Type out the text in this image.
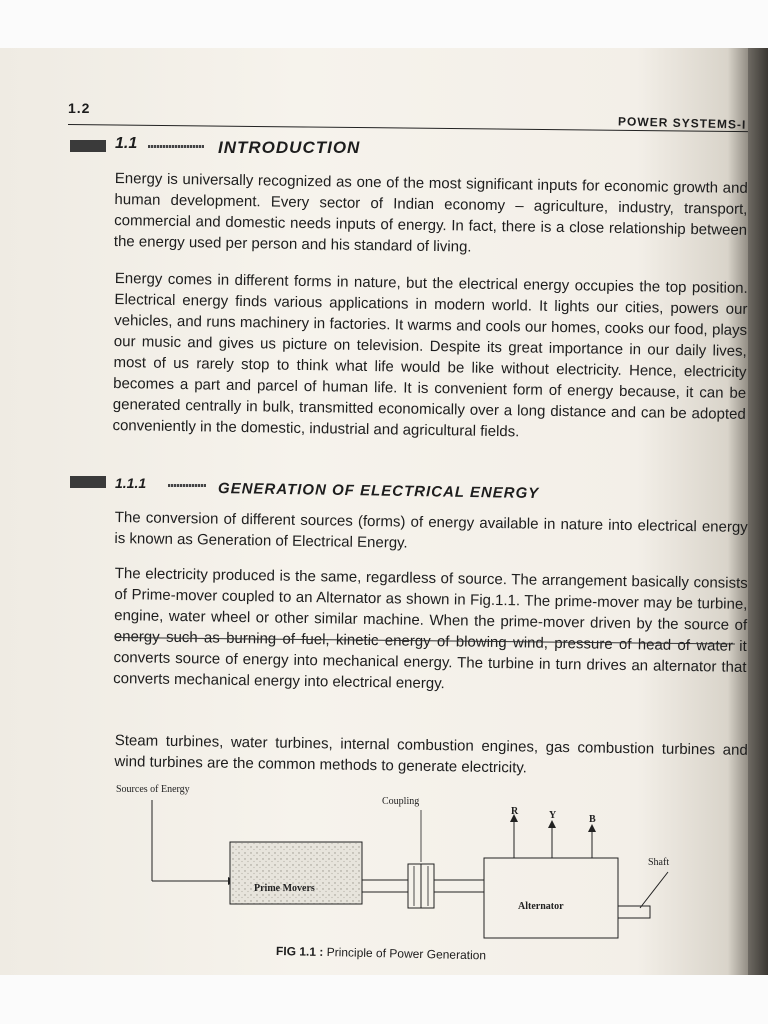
1.2
POWER SYSTEMS-I
1.1	INTRODUCTION

Energy is universally recognized as one of the most significant inputs for economic growth and human development. Every sector of Indian economy – agriculture, industry, transport, commercial and domestic needs inputs of energy. In fact, there is a close relationship between the energy used per person and his standard of living.

Energy comes in different forms in nature, but the electrical energy occupies the top position. Electrical energy finds various applications in modern world. It lights our cities, powers our vehicles, and runs machinery in factories. It warms and cools our homes, cooks our food, plays our music and gives us picture on television. Despite its great importance in our daily lives, most of us rarely stop to think what life would be like without electricity. Hence, electricity becomes a part and parcel of human life. It is convenient form of energy because, it can be generated centrally in bulk, transmitted economically over a long distance and can be adopted conveniently in the domestic, industrial and agricultural fields.

1.1.1	GENERATION OF ELECTRICAL ENERGY

The conversion of different sources (forms) of energy available in nature into electrical energy is known as Generation of Electrical Energy.

The electricity produced is the same, regardless of source. The arrangement basically consists of Prime-mover coupled to an Alternator as shown in Fig.1.1. The prime-mover may be turbine, engine, water wheel or other similar machine. When the prime-mover driven by the source of energy such as burning of fuel, kinetic energy of blowing wind, pressure of head of water it converts source of energy into mechanical energy. The turbine in turn drives an alternator that converts mechanical energy into electrical energy.

Steam turbines, water turbines, internal combustion engines, gas combustion turbines and wind turbines are the common methods to generate electricity.

Sources of Energy
Coupling
Prime Movers
Alternator
Shaft
R	Y	B
FIG 1.1 : Principle of Power Generation
